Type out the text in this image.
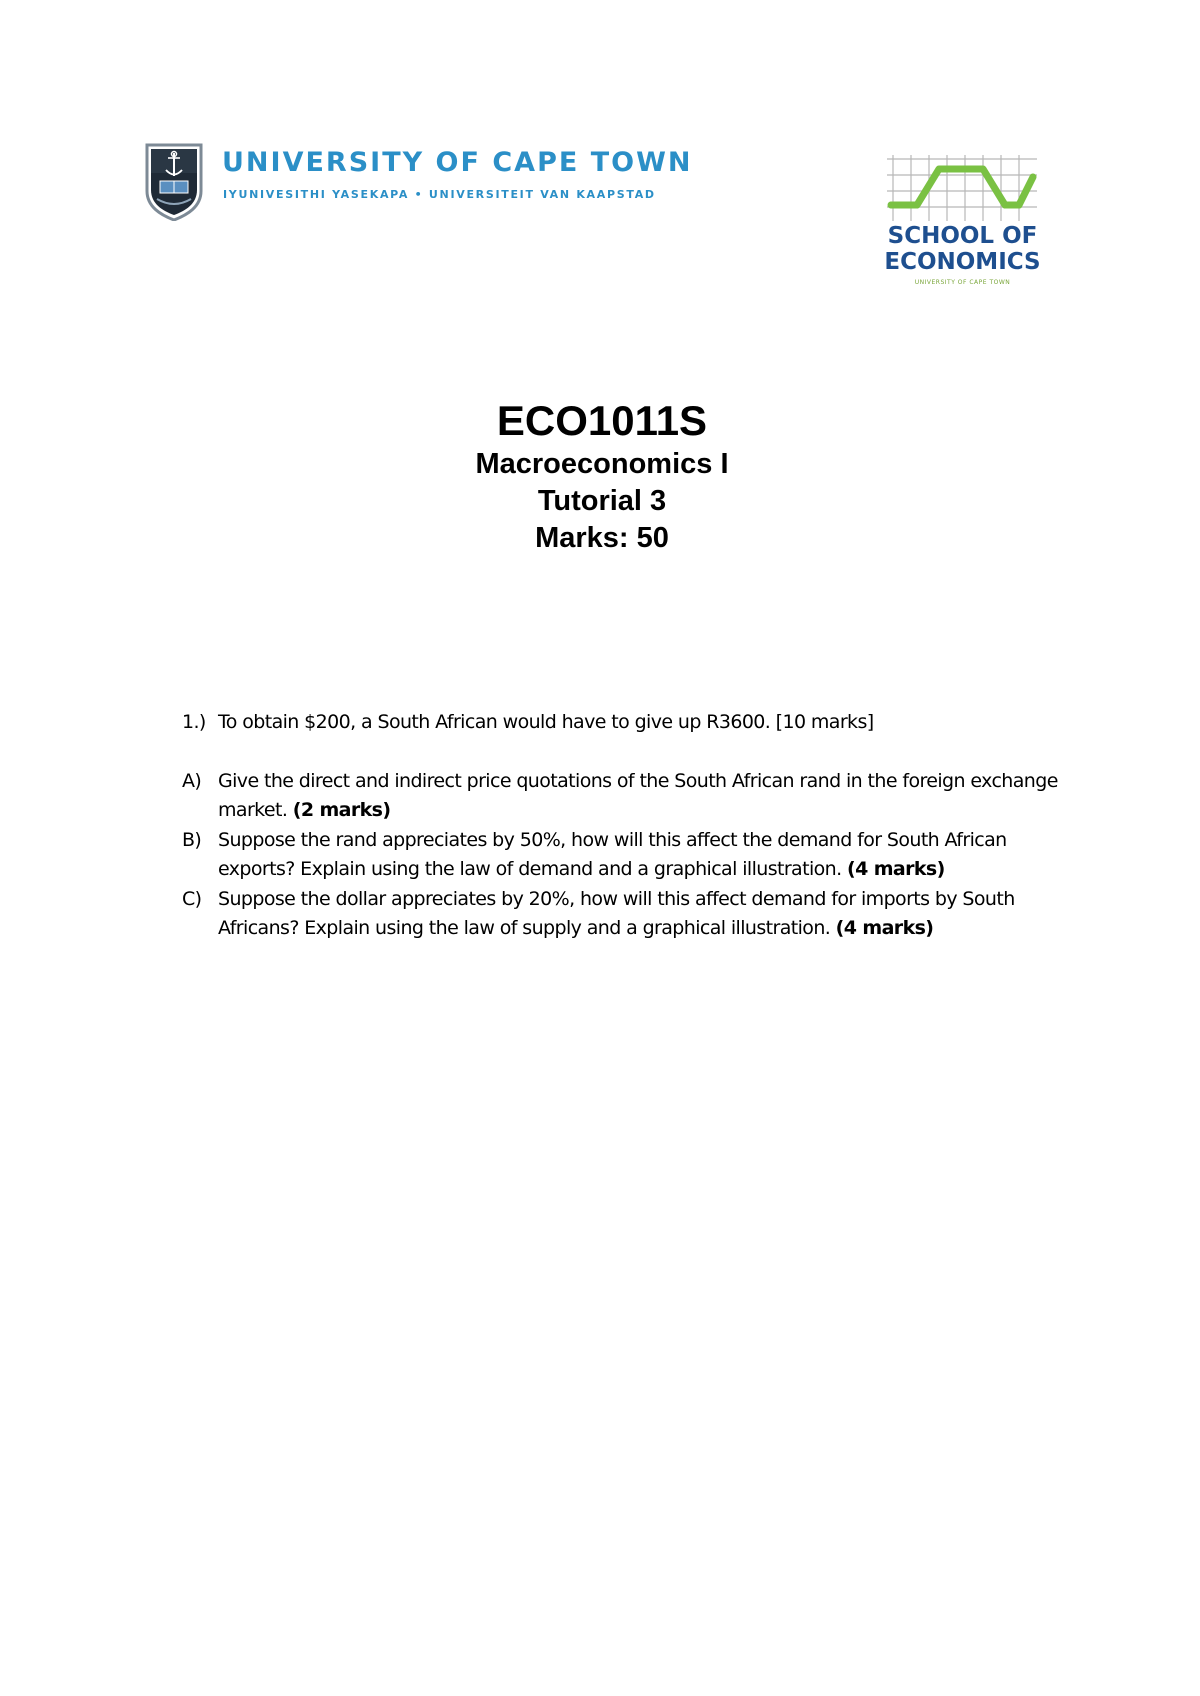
UNIVERSITY OF CAPE TOWN
IYUNIVESITHI YASEKAPA • UNIVERSITEIT VAN KAAPSTAD
SCHOOL OF
ECONOMICS
UNIVERSITY OF CAPE TOWN
ECO1011S
Macroeconomics I
Tutorial 3
Marks: 50
1.) To obtain $200, a South African would have to give up R3600. [10 marks]
A) Give the direct and indirect price quotations of the South African rand in the foreign exchange market. (2 marks)
B) Suppose the rand appreciates by 50%, how will this affect the demand for South African exports? Explain using the law of demand and a graphical illustration. (4 marks)
C) Suppose the dollar appreciates by 20%, how will this affect demand for imports by South Africans? Explain using the law of supply and a graphical illustration. (4 marks)
